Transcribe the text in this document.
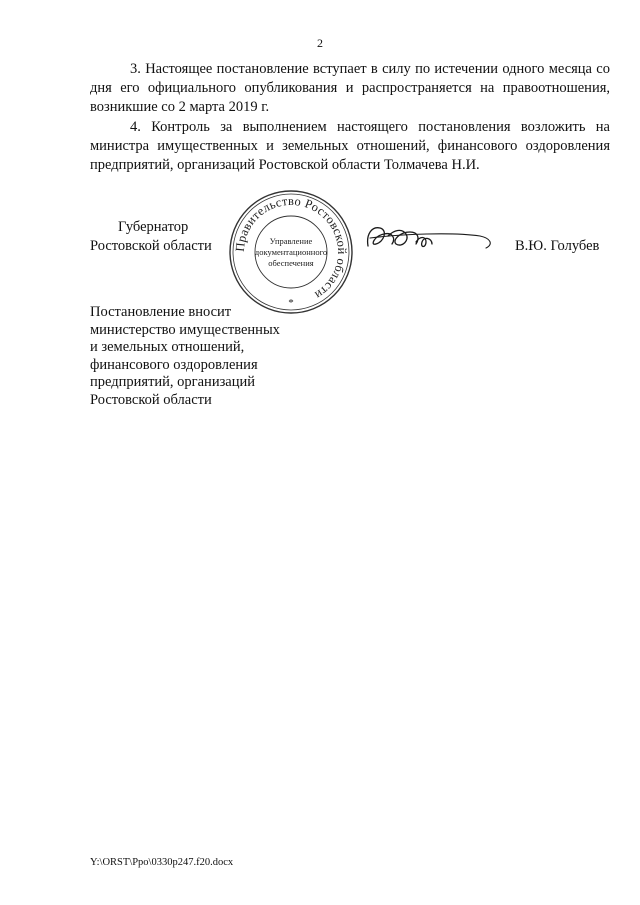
2

3. Настоящее постановление вступает в силу по истечении одного месяца со дня его официального опубликования и распространяется на правоотношения, возникшие со 2 марта 2019 г.

4. Контроль за выполнением настоящего постановления возложить на министра имущественных и земельных отношений, финансового оздоровления предприятий, организаций Ростовской области Толмачева Н.И.

Губернатор
Ростовской области Правительство Ростовской области
Управление
документационного
обеспечения
*
В.Ю. Голубев
Постановление вносит
министерство имущественных
и земельных отношений,
финансового оздоровления
предприятий, организаций
Ростовской области
Y:\ORST\Ppo\0330p247.f20.docx
